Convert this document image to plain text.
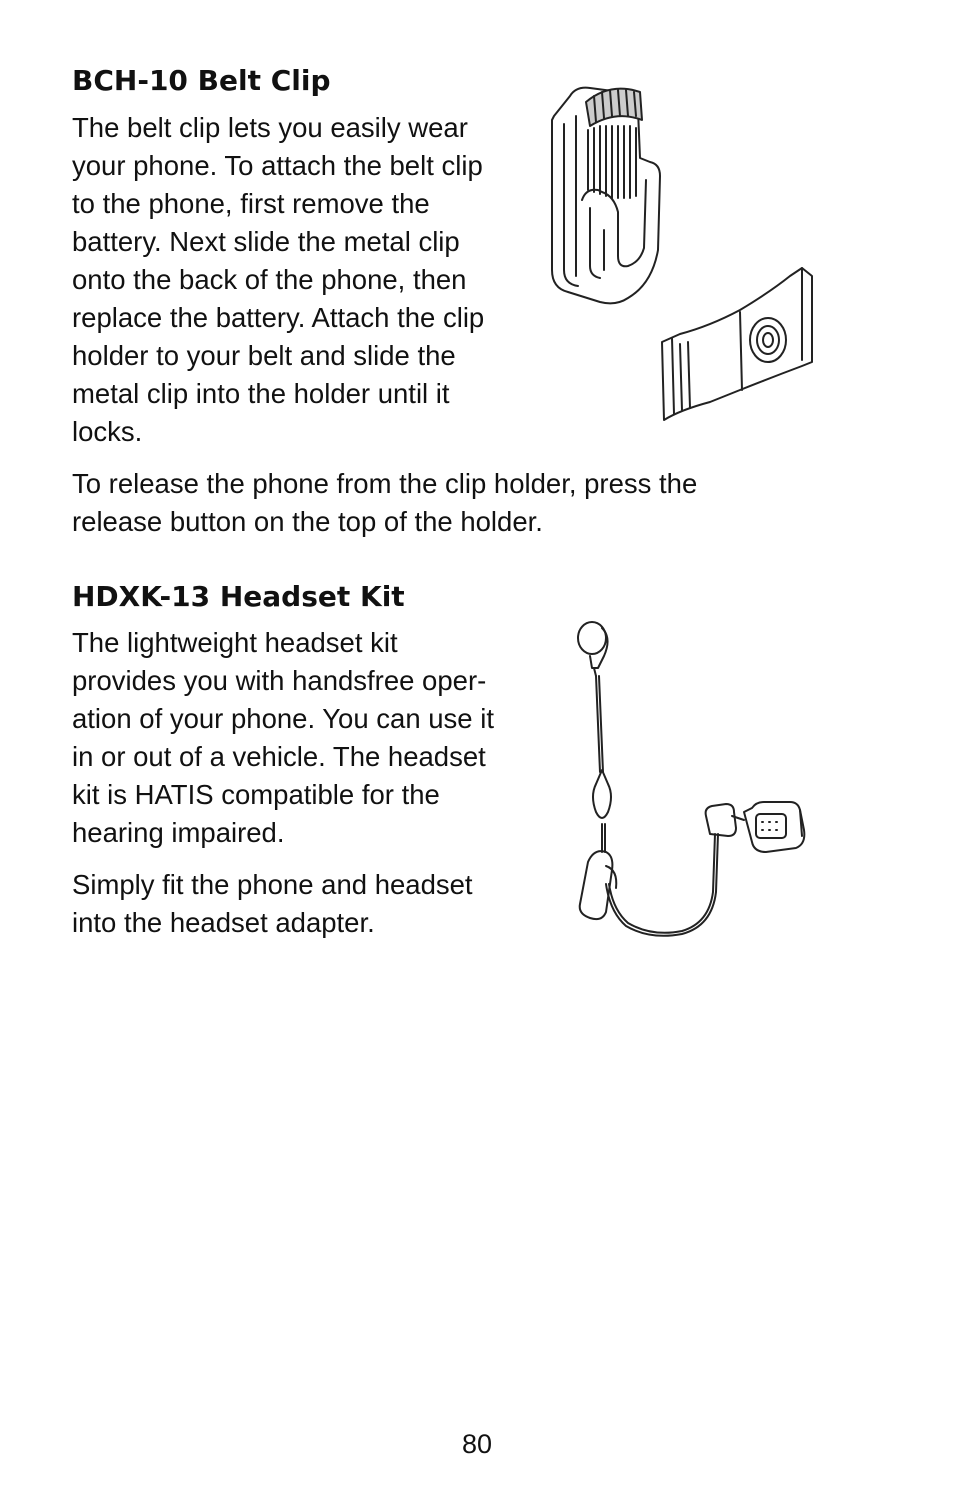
BCH-10 Belt Clip
The belt clip lets you easily wear
your phone. To attach the belt clip
to the phone, first remove the
battery. Next slide the metal clip
onto the back of the phone, then
replace the battery. Attach the clip
holder to your belt and slide the
metal clip into the holder until it
locks.
To release the phone from the clip holder, press the
release button on the top of the holder.
HDXK-13 Headset Kit
The lightweight headset kit
provides you with handsfree oper-
ation of your phone. You can use it
in or out of a vehicle. The headset
kit is HATIS compatible for the
hearing impaired.
Simply fit the phone and headset
into the headset adapter.

80
